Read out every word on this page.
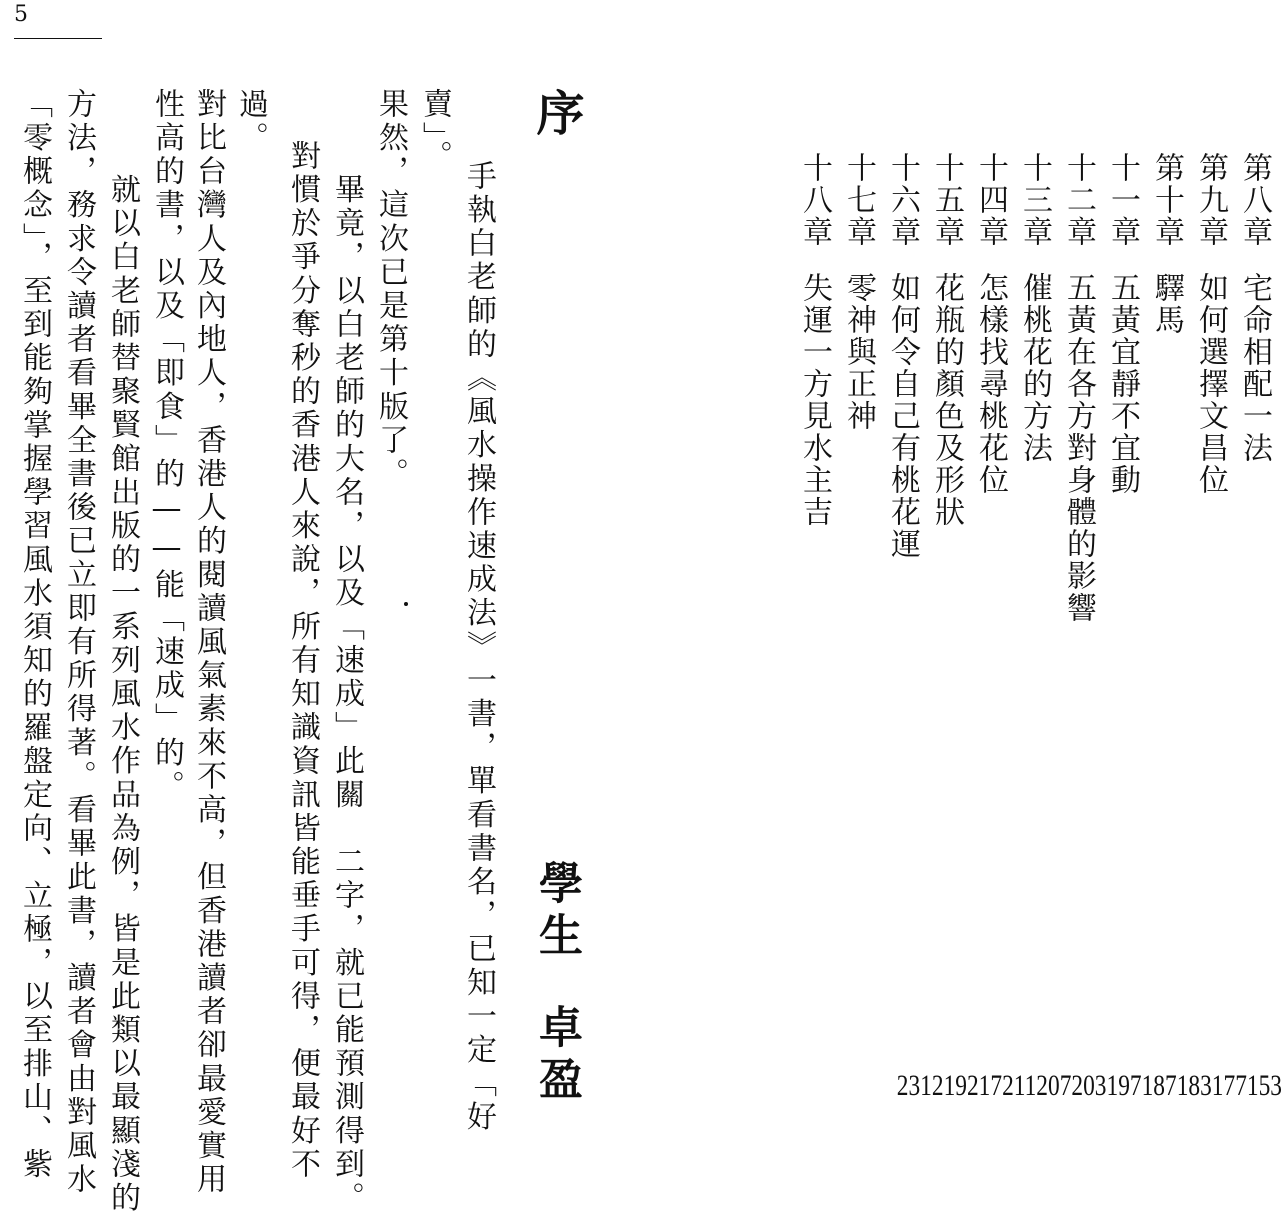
5
第八章宅命相配一法
第九章如何選擇文昌位
第十章驛馬
十一章五黃宜靜不宜動
十二章五黃在各方對身體的影響
十三章催桃花的方法
十四章怎樣找尋桃花位
十五章花瓶的顏色及形狀
十六章如何令自己有桃花運
十七章零神與正神
十八章失運一方見水主吉
153
177
183
187
197
203
207
211
217
219
231
序
學生卓盈
手執白老師的《風水操作速成法》一書，單看書名，已知一定「好
賣」。
果然，這次已是第十版了。
　畢竟，以白老師的大名，以及「速成」此關　二字，就已能預測得到。
對慣於爭分奪秒的香港人來說，所有知識資訊皆能垂手可得，便最好不
過。
對比台灣人及內地人，香港人的閱讀風氣素來不高，但香港讀者卻最愛實用
性高的書，以及「即食」的——能「速成」的。
　就以白老師替聚賢館出版的一系列風水作品為例，皆是此類以最顯淺的
方法，務求令讀者看畢全書後已立即有所得著。看畢此書，讀者會由對風水
「零概念」，至到能夠掌握學習風水須知的羅盤定向、立極，以至排山、紫
